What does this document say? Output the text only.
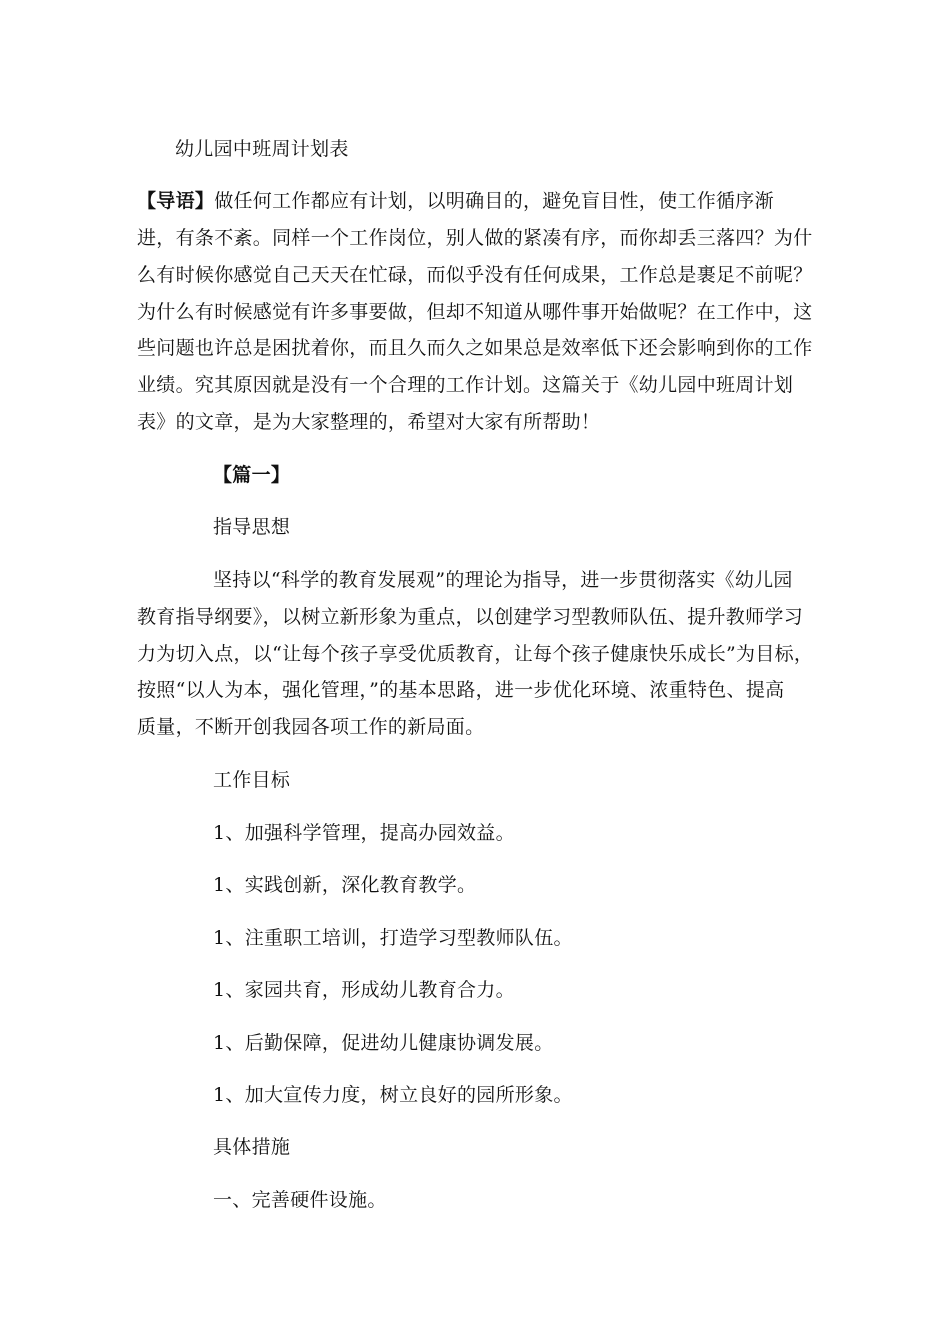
幼儿园中班周计划表
【导语】做任何工作都应有计划，以明确目的，避免盲目性，使工作循序渐
进，有条不紊。同样一个工作岗位，别人做的紧凑有序，而你却丢三落四？为什
么有时候你感觉自己天天在忙碌，而似乎没有任何成果，工作总是裹足不前呢？
为什么有时候感觉有许多事要做，但却不知道从哪件事开始做呢？在工作中，这
些问题也许总是困扰着你，而且久而久之如果总是效率低下还会影响到你的工作
业绩。究其原因就是没有一个合理的工作计划。这篇关于《幼儿园中班周计划
表》的文章，是为大家整理的，希望对大家有所帮助！
【篇一】
指导思想
坚持以“科学的教育发展观”的理论为指导，进一步贯彻落实《幼儿园
教育指导纲要》，以树立新形象为重点，以创建学习型教师队伍、提升教师学习
力为切入点，以“让每个孩子享受优质教育，让每个孩子健康快乐成长”为目标，
按照“以人为本，强化管理，”的基本思路，进一步优化环境、浓重特色、提高
质量，不断开创我园各项工作的新局面。
工作目标
1、加强科学管理，提高办园效益。
1、实践创新，深化教育教学。
1、注重职工培训，打造学习型教师队伍。
1、家园共育，形成幼儿教育合力。
1、后勤保障，促进幼儿健康协调发展。
1、加大宣传力度，树立良好的园所形象。
具体措施
一、完善硬件设施。
